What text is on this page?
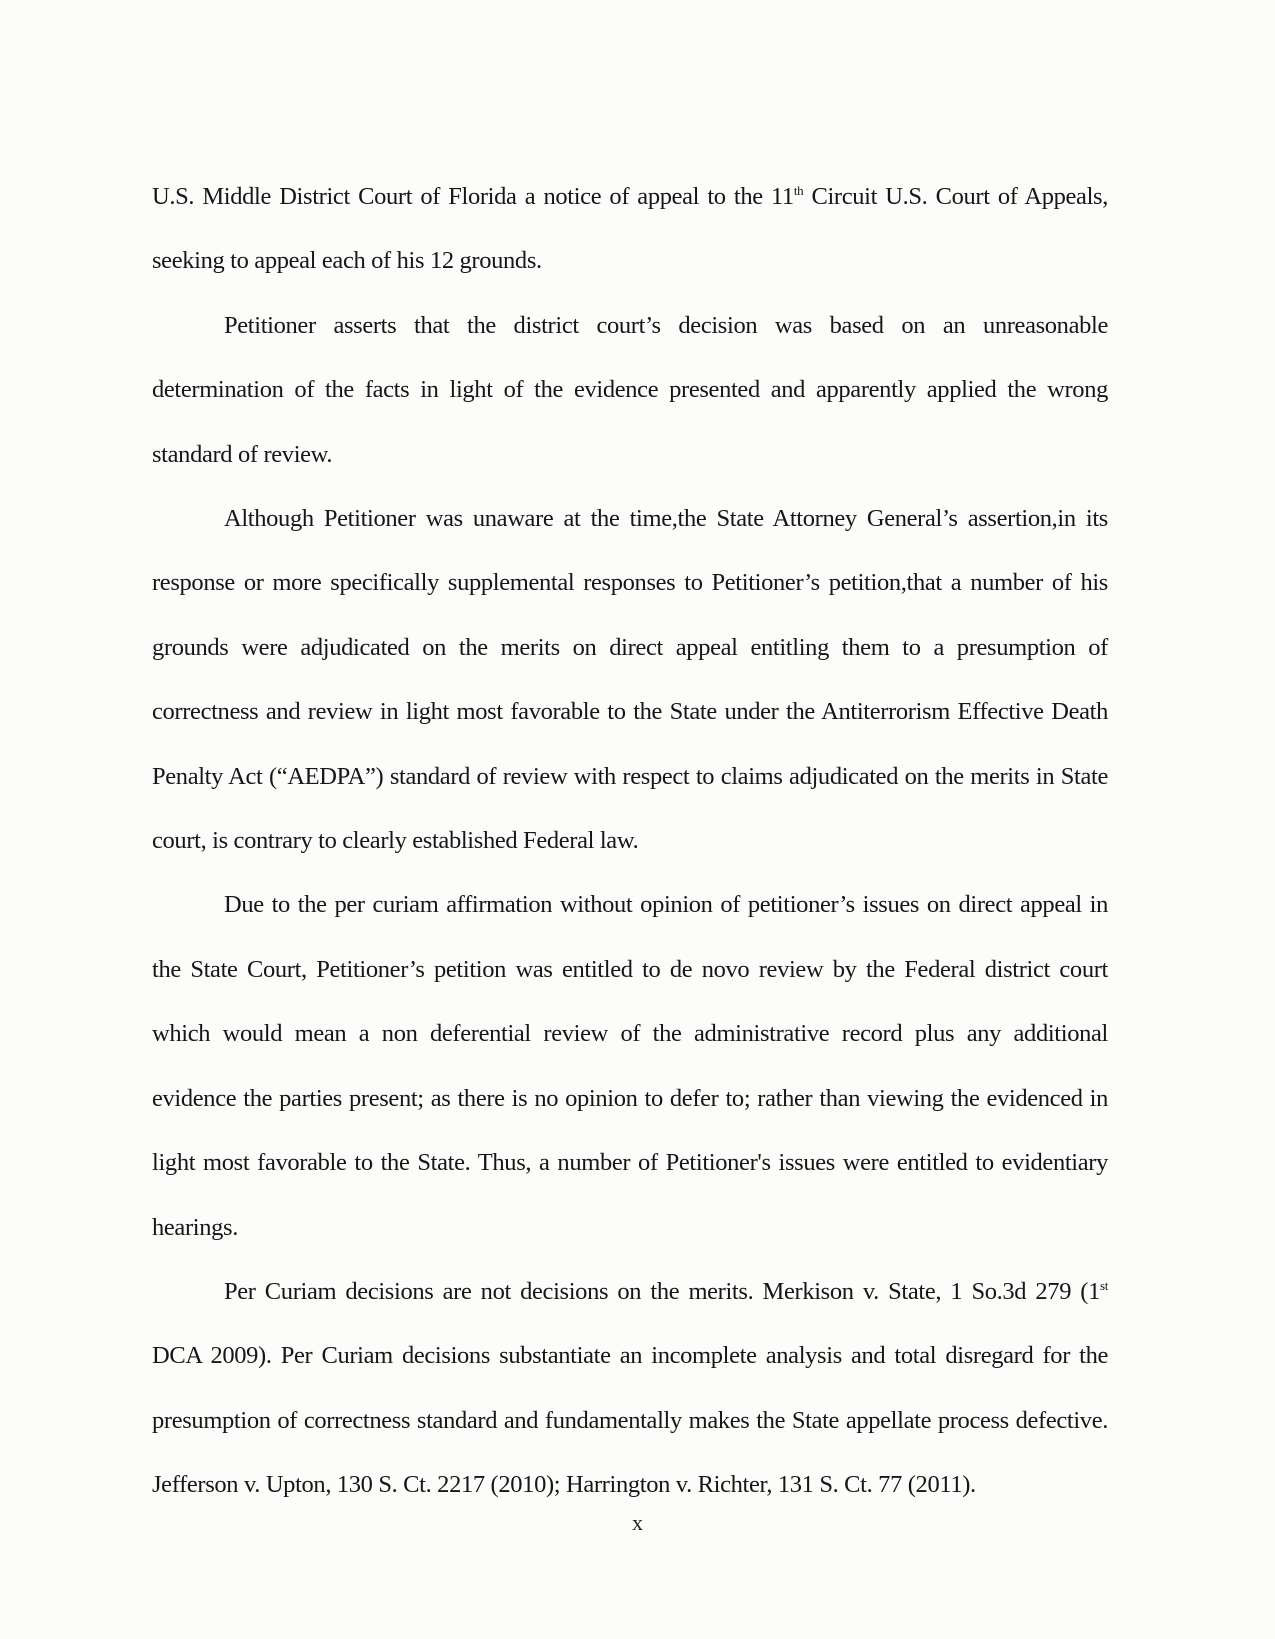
U.S. Middle District Court of Florida a notice of appeal to the 11th Circuit U.S. Court of Appeals, seeking to appeal each of his 12 grounds.

Petitioner asserts that the district court’s decision was based on an unreasonable determination of the facts in light of the evidence presented and apparently applied the wrong standard of review.

Although Petitioner was unaware at the time,the State Attorney General’s assertion,in its response or more specifically supplemental responses to Petitioner’s petition,that a number of his grounds were adjudicated on the merits on direct appeal entitling them to a presumption of correctness and review in light most favorable to the State under the Antiterrorism Effective Death Penalty Act (“AEDPA”) standard of review with respect to claims adjudicated on the merits in State court, is contrary to clearly established Federal law.

Due to the per curiam affirmation without opinion of petitioner’s issues on direct appeal in the State Court, Petitioner’s petition was entitled to de novo review by the Federal district court which would mean a non deferential review of the administrative record plus any additional evidence the parties present; as there is no opinion to defer to; rather than viewing the evidenced in light most favorable to the State. Thus, a number of Petitioner's issues were entitled to evidentiary hearings.

Per Curiam decisions are not decisions on the merits. Merkison v. State, 1 So.3d 279 (1st DCA 2009). Per Curiam decisions substantiate an incomplete analysis and total disregard for the presumption of correctness standard and fundamentally makes the State appellate process defective. Jefferson v. Upton, 130 S. Ct. 2217 (2010); Harrington v. Richter, 131 S. Ct. 77 (2011).

x
